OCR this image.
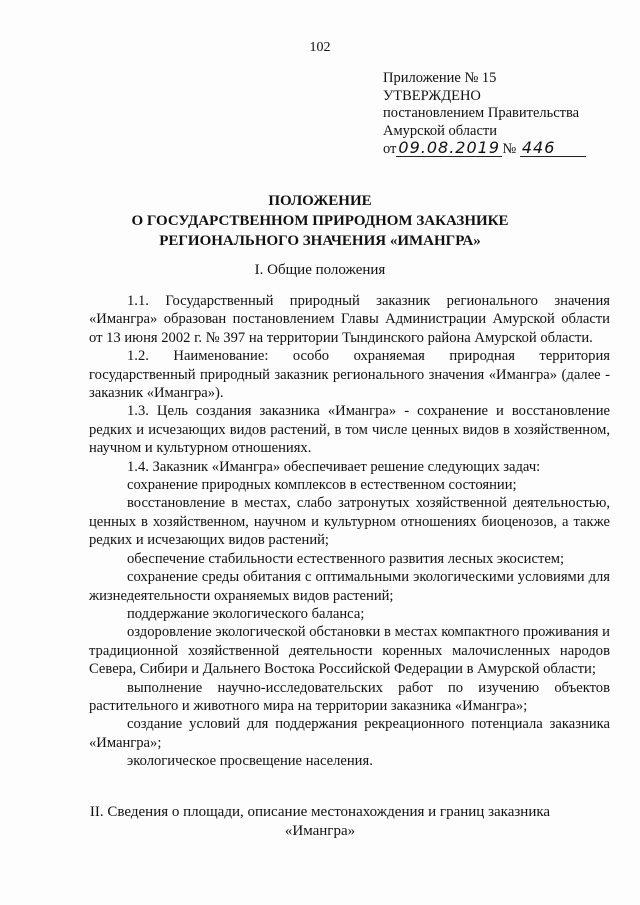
102
Приложение № 15
УТВЕРЖДЕНО
постановлением Правительства
Амурской области
от 09.08.2019 № 446
ПОЛОЖЕНИЕ
О ГОСУДАРСТВЕННОМ ПРИРОДНОМ ЗАКАЗНИКЕ
РЕГИОНАЛЬНОГО ЗНАЧЕНИЯ «ИМАНГРА»
I. Общие положения

1.1. Государственный природный заказник регионального значения «Имангра» образован постановлением Главы Администрации Амурской области от 13 июня 2002 г. № 397 на территории Тындинского района Амурской области.

1.2. Наименование: особо охраняемая природная территория государственный природный заказник регионального значения «Имангра» (далее - заказник «Имангра»).

1.3. Цель создания заказника «Имангра» - сохранение и восстановление редких и исчезающих видов растений, в том числе ценных видов в хозяйственном, научном и культурном отношениях.

1.4. Заказник «Имангра» обеспечивает решение следующих задач:

сохранение природных комплексов в естественном состоянии;

восстановление в местах, слабо затронутых хозяйственной деятельностью, ценных в хозяйственном, научном и культурном отношениях биоценозов, а также редких и исчезающих видов растений;

обеспечение стабильности естественного развития лесных экосистем;

сохранение среды обитания с оптимальными экологическими условиями для жизнедеятельности охраняемых видов растений;

поддержание экологического баланса;

оздоровление экологической обстановки в местах компактного проживания и традиционной хозяйственной деятельности коренных малочисленных народов Севера, Сибири и Дальнего Востока Российской Федерации в Амурской области;

выполнение научно-исследовательских работ по изучению объектов растительного и животного мира на территории заказника «Имангра»;

создание условий для поддержания рекреационного потенциала заказника «Имангра»;

экологическое просвещение населения.

II. Сведения о площади, описание местонахождения и границ заказника
«Имангра»
